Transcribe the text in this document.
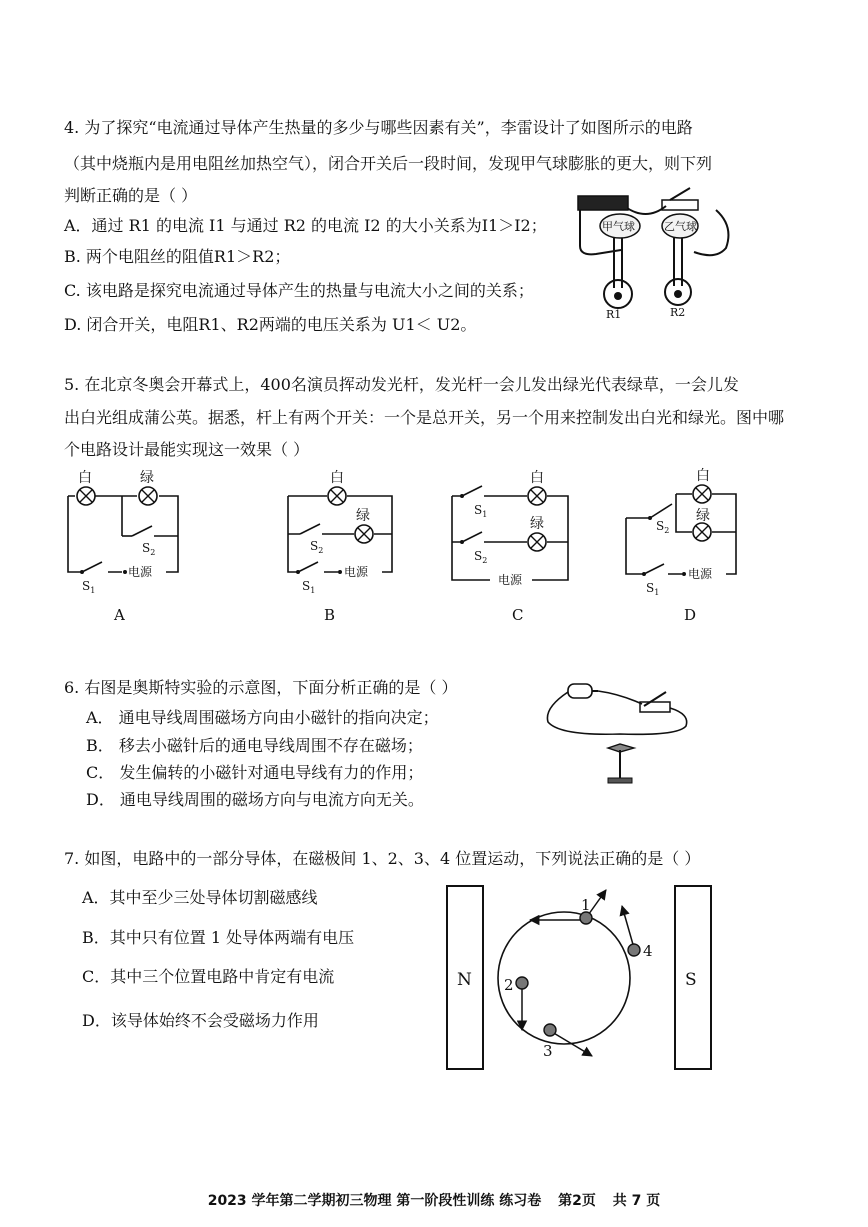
4. 为了探究“电流通过导体产生热量的多少与哪些因素有关”，李雷设计了如图所示的电路
（其中烧瓶内是用电阻丝加热空气），闭合开关后一段时间，发现甲气球膨胀的更大，则下列
判断正确的是（ ）
A．通过 R1 的电流 I1 与通过 R2 的电流 I2 的大小关系为I1＞I2；
B. 两个电阻丝的阻值R1＞R2；
C. 该电路是探究电流通过导体产生的热量与电流大小之间的关系；
D. 闭合开关，电阻R1、R2两端的电压关系为 U1＜ U2。
甲气球	乙气球
R1	R2
5. 在北京冬奥会开幕式上，400名演员挥动发光杆，发光杆一会儿发出绿光代表绿草，一会儿发
出白光组成蒲公英。据悉，杆上有两个开关：一个是总开关，另一个用来控制发出白光和绿光。图中哪
个电路设计最能实现这一效果（ ）
白	绿
$S_2$
$S_1$
电源
A
白
绿
$S_2$
$S_1$
电源
B
白
绿
$S_1$
$S_2$
电源
C
白
绿
$S_2$
$S_1$
电源
D
6. 右图是奥斯特实验的示意图，下面分析正确的是（ ）
A． 通电导线周围磁场方向由小磁针的指向决定；
B． 移去小磁针后的通电导线周围不存在磁场；
C． 发生偏转的小磁针对通电导线有力的作用；
D． 通电导线周围的磁场方向与电流方向无关。
7. 如图，电路中的一部分导体，在磁极间 1、2、3、4 位置运动，下列说法正确的是（ ）
A．其中至少三处导体切割磁感线
B．其中只有位置 1 处导体两端有电压
C．其中三个位置电路中肯定有电流
D．该导体始终不会受磁场力作用
N	S
1
4
2
3
2023 学年第二学期初三物理 第一阶段性训练 练习卷 第2页 共 7 页
